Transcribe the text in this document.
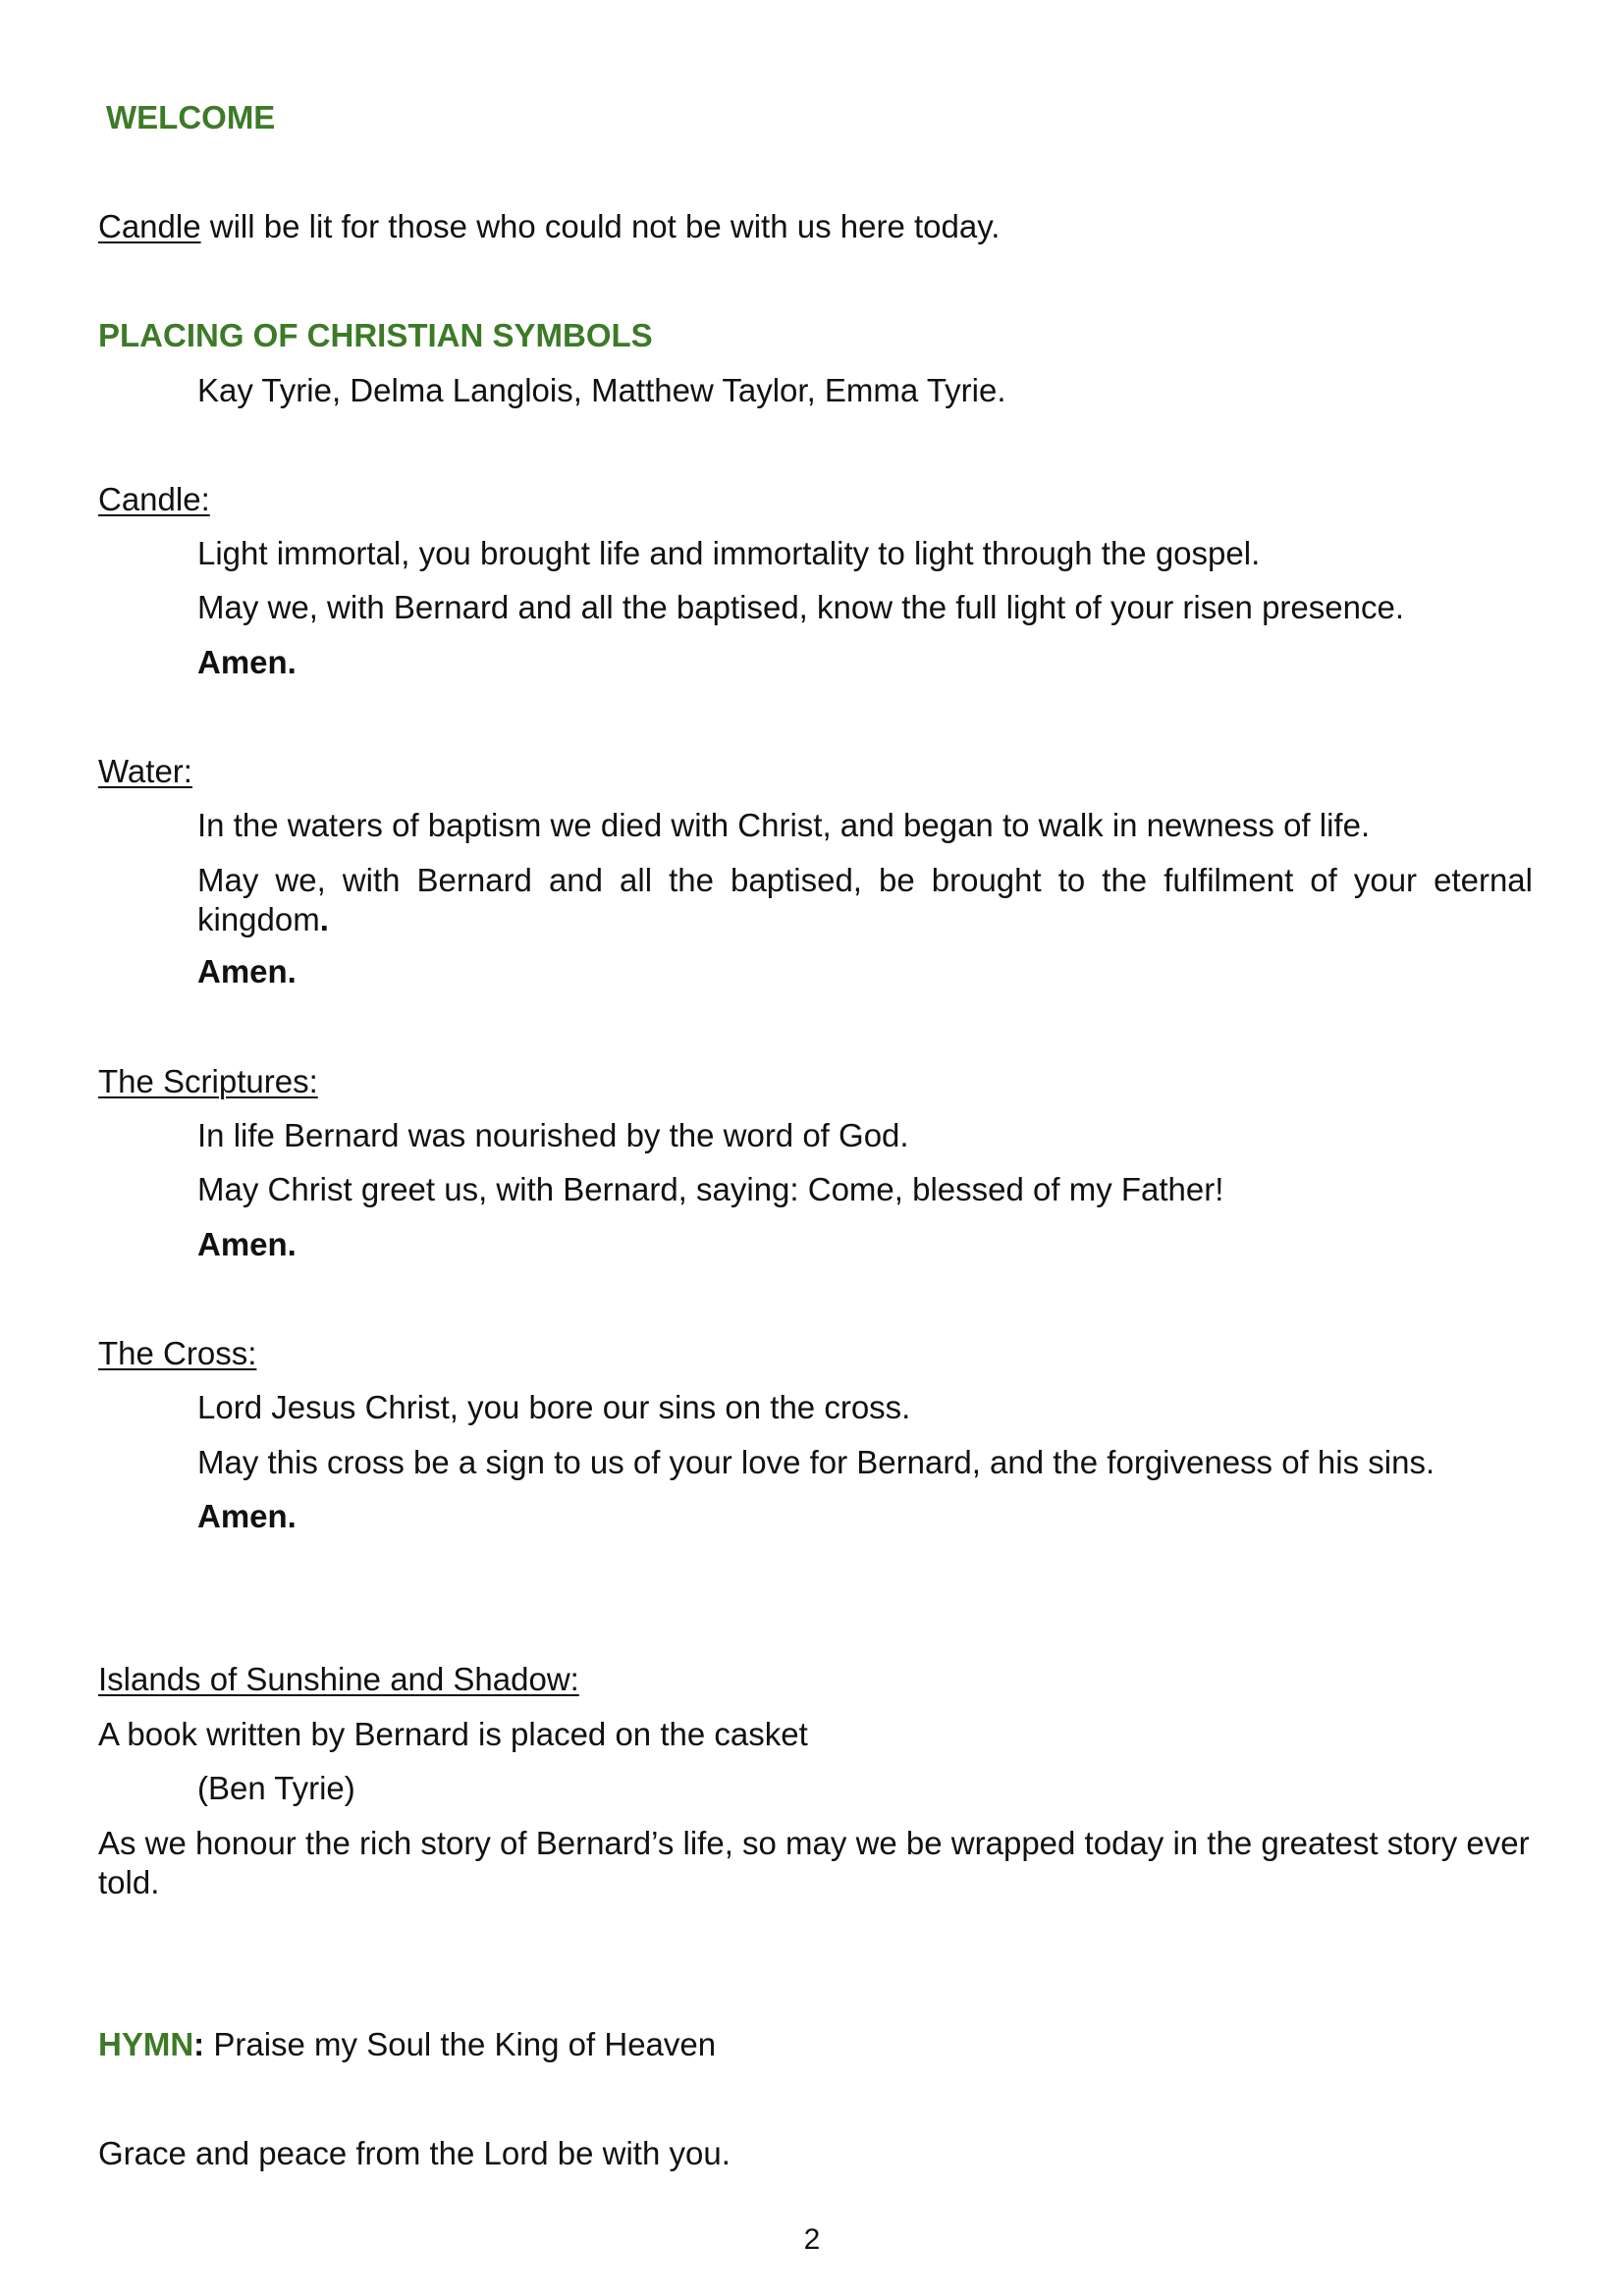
WELCOME
Candle will be lit for those who could not be with us here today.
PLACING OF CHRISTIAN SYMBOLS
Kay Tyrie, Delma Langlois, Matthew Taylor, Emma Tyrie.
Candle:
Light immortal, you brought life and immortality to light through the gospel.
May we, with Bernard and all the baptised, know the full light of your risen presence.
Amen.
Water:
In the waters of baptism we died with Christ, and began to walk in newness of life.
May we, with Bernard and all the baptised, be brought to the fulfilment of your eternal kingdom.
Amen.
The Scriptures:
In life Bernard was nourished by the word of God.
May Christ greet us, with Bernard, saying: Come, blessed of my Father!
Amen.
The Cross:
Lord Jesus Christ, you bore our sins on the cross.
May this cross be a sign to us of your love for Bernard, and the forgiveness of his sins.
Amen.
Islands of Sunshine and Shadow:
A book written by Bernard is placed on the casket
(Ben Tyrie)
As we honour the rich story of Bernard’s life, so may we be wrapped today in the greatest story ever told.
HYMN: Praise my Soul the King of Heaven
Grace and peace from the Lord be with you.
2
